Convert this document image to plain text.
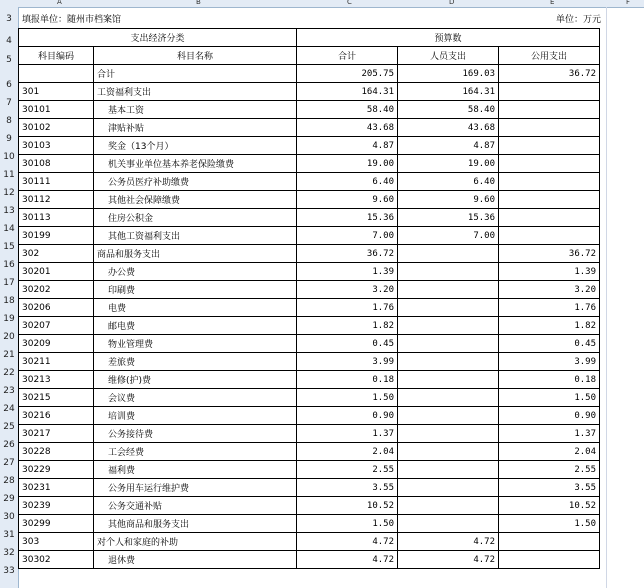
A	B	C	D	E	F
3
4
5
填报单位：随州市档案馆	单位：万元
支出经济分类		预算数		
科目编码	科目名称	合计	人员支出	公用支出
	合计	205.75	169.03	36.72
301	工资福利支出	164.31	164.31	
30101	基本工资	58.40	58.40	
30102	津贴补贴	43.68	43.68	
30103	奖金（13个月）	4.87	4.87	
30108	机关事业单位基本养老保险缴费	19.00	19.00	
30111	公务员医疗补助缴费	6.40	6.40	
30112	其他社会保障缴费	9.60	9.60	
30113	住房公积金	15.36	15.36	
30199	其他工资福利支出	7.00	7.00	
302	商品和服务支出	36.72		36.72
30201	办公费	1.39		1.39
30202	印刷费	3.20		3.20
30206	电费	1.76		1.76
30207	邮电费	1.82		1.82
30209	物业管理费	0.45		0.45
30211	差旅费	3.99		3.99
30213	维修(护)费	0.18		0.18
30215	会议费	1.50		1.50
30216	培训费	0.90		0.90
30217	公务接待费	1.37		1.37
30228	工会经费	2.04		2.04
30229	福利费	2.55		2.55
30231	公务用车运行维护费	3.55		3.55
30239	公务交通补贴	10.52		10.52
30299	其他商品和服务支出	1.50		1.50
303	对个人和家庭的补助	4.72	4.72	
30302	退休费	4.72	4.72	
6
7
8
9
10
11
12
13
14
15
16
17
18
19
20
21
22
23
24
25
26
27
28
29
30
31
32
33
